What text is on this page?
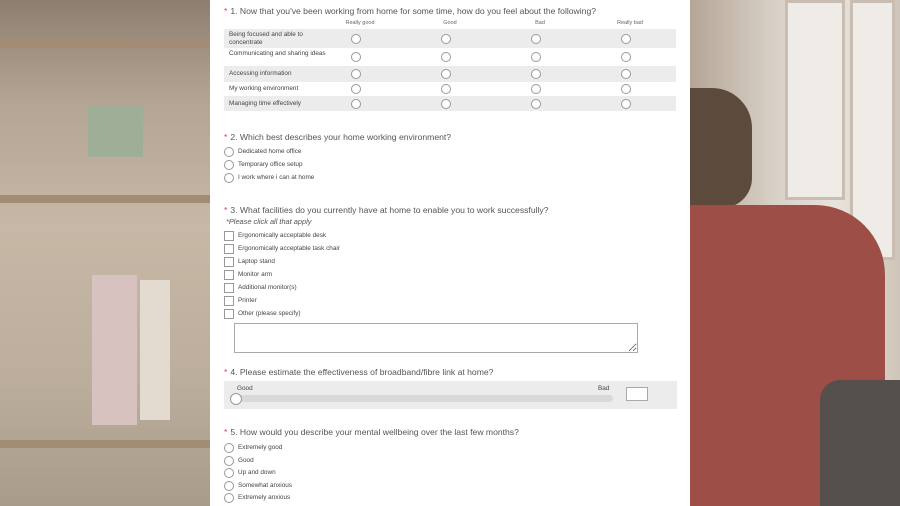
* 1. Now that you've been working from home for some time, how do you feel about the following?
Really good	Good	Bad	Really bad
Being focused and able to concentrate
Communicating and sharing ideas
Accessing information
My working environment
Managing time effectively
* 2. Which best describes your home working environment?
Dedicated home office
Temporary office setup
I work where i can at home
* 3. What facilities do you currently have at home to enable you to work successfully?
*Please click all that apply
Ergonomically acceptable desk
Ergonomically acceptable task chair
Laptop stand
Monitor arm
Additional monitor(s)
Printer
Other (please specify)
* 4. Please estimate the effectiveness of broadband/fibre link at home?
Good	Bad
* 5. How would you describe your mental wellbeing over the last few months?
Extremely good
Good
Up and down
Somewhat anxious
Extremely anxious
